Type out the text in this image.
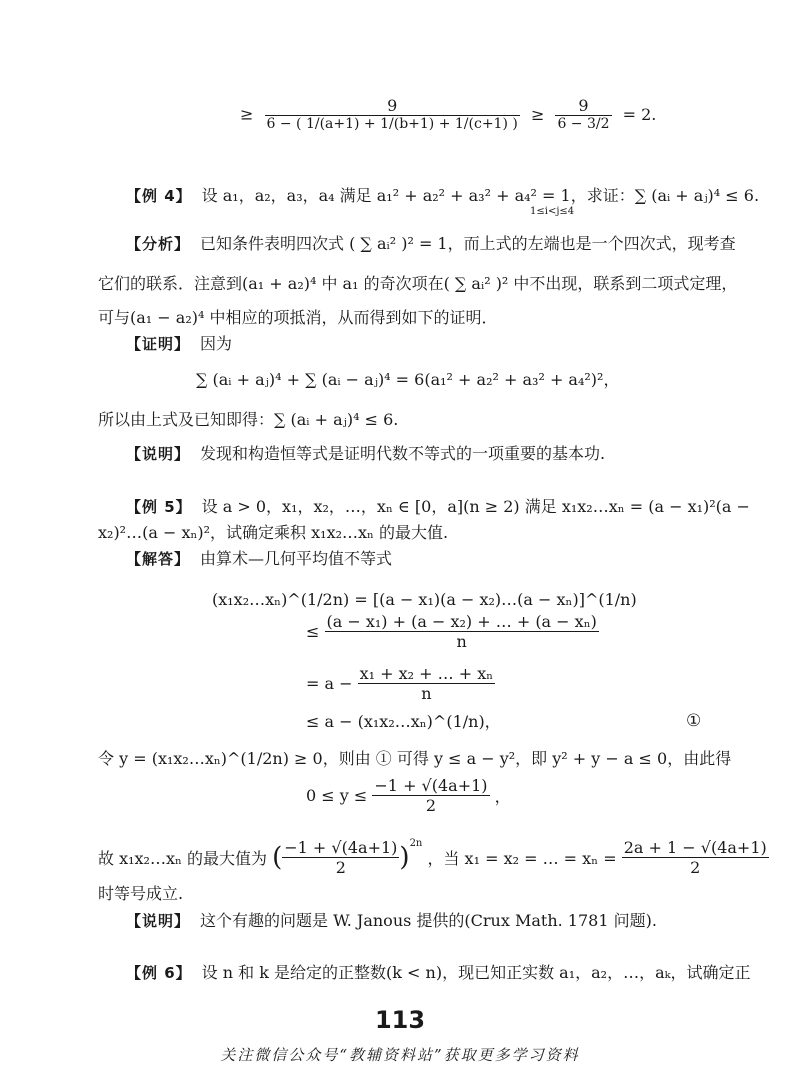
≥ $\frac{9}{6 - ( 1/(a+1) + 1/(b+1) + 1/(c+1) )} \ge \frac{9}{6 - 3/2} = 2$.
【例 4】 设 a₁，a₂，a₃，a₄ 满足 a₁² + a₂² + a₃² + a₄² = 1，求证：∑ (aᵢ + aⱼ)⁴ ≤ 6.
1≤i<j≤4
【分析】 已知条件表明四次式 ( ∑ aᵢ² )² = 1，而上式的左端也是一个四次式，现考查
它们的联系．注意到(a₁ + a₂)⁴ 中 a₁ 的奇次项在( ∑ aᵢ² )² 中不出现，联系到二项式定理，
可与(a₁ − a₂)⁴ 中相应的项抵消，从而得到如下的证明．
【证明】 因为
∑ (aᵢ + aⱼ)⁴ + ∑ (aᵢ − aⱼ)⁴ = 6(a₁² + a₂² + a₃² + a₄²)²，
所以由上式及已知即得：∑ (aᵢ + aⱼ)⁴ ≤ 6.
【说明】 发现和构造恒等式是证明代数不等式的一项重要的基本功.
【例 5】 设 a > 0，x₁，x₂，…，xₙ ∈ [0，a](n ≥ 2) 满足 x₁x₂…xₙ = (a − x₁)²(a −
x₂)²…(a − xₙ)²，试确定乘积 x₁x₂…xₙ 的最大值.
【解答】 由算术—几何平均值不等式
(x₁x₂…xₙ)^(1/2n) = [(a − x₁)(a − x₂)…(a − xₙ)]^(1/n)
≤ $\frac{\text{(a − x₁) + (a − x₂) + … + (a − xₙ)}}{n}$
= $a - \frac{\text{x₁ + x₂ + … + xₙ}}{n}$
≤ a − (x₁x₂…xₙ)^(1/n)，	①
令 y = (x₁x₂…xₙ)^(1/2n) ≥ 0，则由 ① 可得 y ≤ a − y²，即 y² + y − a ≤ 0，由此得
$0 \le y \le \frac{-1 + √(4a+1)}{2}$ ，
故 x₁x₂…xₙ 的最大值为 ( $\frac{-1 + √(4a+1)}{2} )^{2n}$ ，当 x₁ = x₂ = … = $x_n = \frac{2a + 1 - √(4a+1)}{2}$
时等号成立.
【说明】 这个有趣的问题是 W. Janous 提供的(Crux Math. 1781 问题).
【例 6】 设 n 和 k 是给定的正整数(k < n)，现已知正实数 a₁，a₂，…，aₖ，试确定正
113
关注微信公众号“教辅资料站”获取更多学习资料
